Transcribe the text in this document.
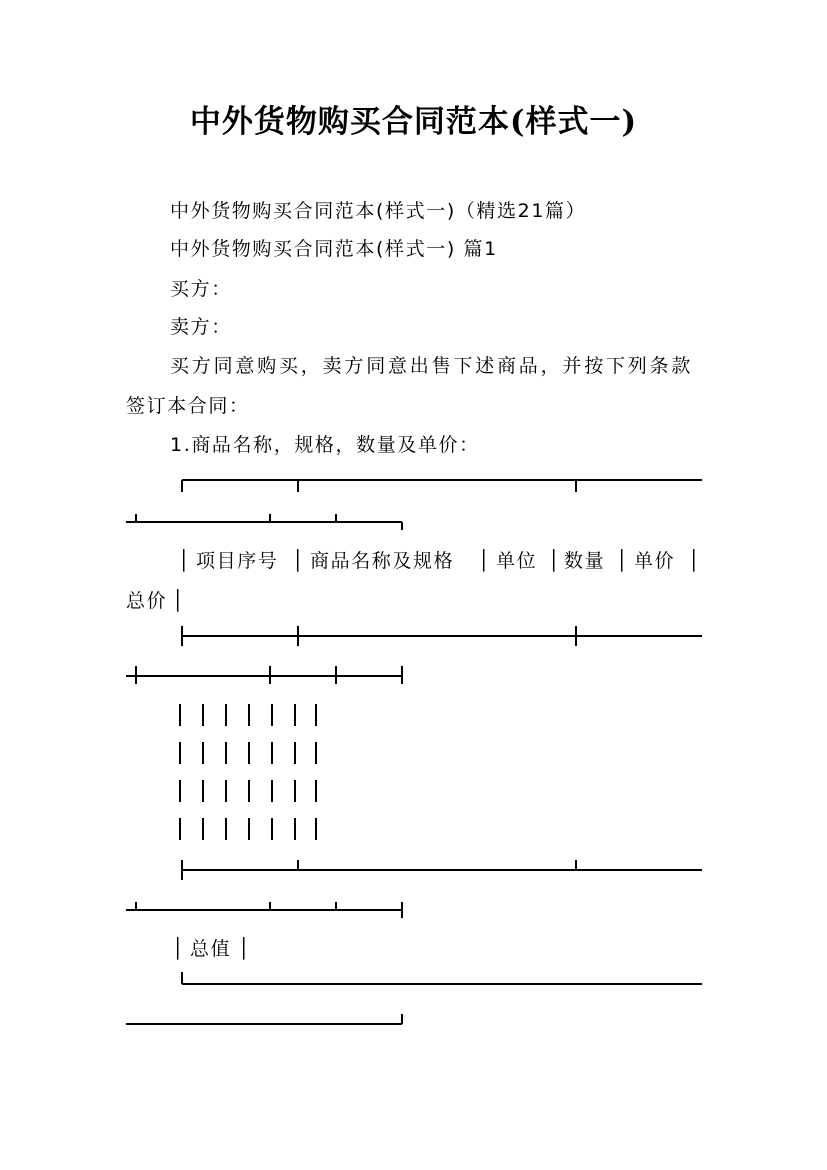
中外货物购买合同范本(样式一)

中外货物购买合同范本(样式一)（精选21篇）

中外货物购买合同范本(样式一) 篇1

买方：

卖方：

买方同意购买，卖方同意出售下述商品，并按下列条款

签订本合同：

1.商品名称，规格，数量及单价：

│ 项目序号 │ 商品名称及规格 │ 单位 │ 数量 │ 单价 │
总价 │
│ 总值 │
